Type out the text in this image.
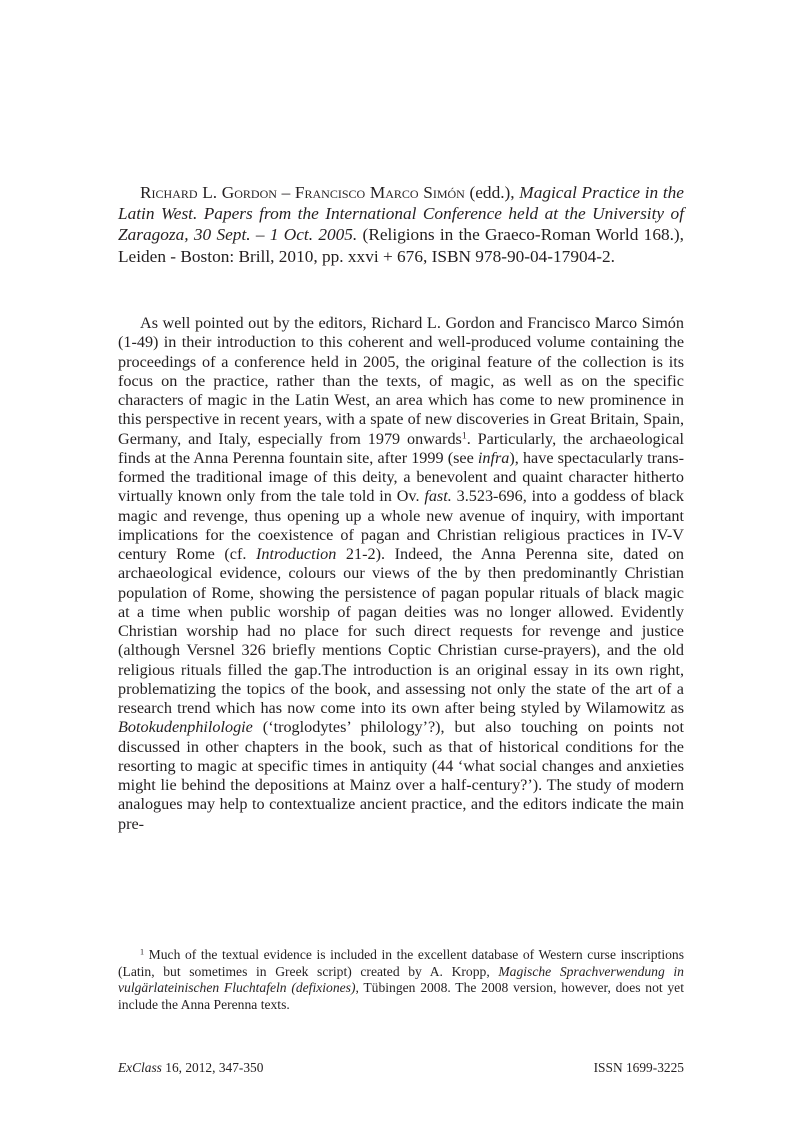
Richard L. Gordon – Francisco Marco Simón (edd.), Magical Practice in the Latin West. Papers from the International Conference held at the University of Zaragoza, 30 Sept. – 1 Oct. 2005. (Religions in the Graeco-Roman World 168.), Leiden - Boston: Brill, 2010, pp. xxvi + 676, ISBN 978-90-04-17904-2.

As well pointed out by the editors, Richard L. Gordon and Francisco Marco Simón (1-49) in their introduction to this coherent and well-produced volume containing the proceedings of a conference held in 2005, the original feature of the collection is its focus on the practice, rather than the texts, of magic, as well as on the specific characters of magic in the Latin West, an area which has come to new prominence in this perspective in recent years, with a spate of new discoveries in Great Britain, Spain, Germany, and Italy, especially from 1979 onwards$^1$. Particularly, the archaeological finds at the Anna Perenna fountain site, after 1999 (see infra), have spectacularly transformed the traditional image of this deity, a benevolent and quaint character hitherto virtually known only from the tale told in Ov. fast. 3.523-696, into a goddess of black magic and revenge, thus opening up a whole new avenue of inquiry, with important implications for the coexistence of pagan and Christian religious practices in IV-V century Rome (cf. Introduction 21-2). Indeed, the Anna Perenna site, dated on archaeological evidence, colours our views of the by then predominantly Christian population of Rome, showing the persistence of pagan popular rituals of black magic at a time when public worship of pagan deities was no longer allowed. Evidently Christian worship had no place for such direct requests for revenge and justice (although Versnel 326 briefly mentions Coptic Christian curse-prayers), and the old religious rituals filled the gap.The introduction is an original essay in its own right, problematizing the topics of the book, and assessing not only the state of the art of a research trend which has now come into its own after being styled by Wilamowitz as Botokudenphilologie (‘troglodytes’ philology’?), but also touching on points not discussed in other chapters in the book, such as that of historical conditions for the resorting to magic at specific times in antiquity (44 ‘what social changes and anxieties might lie behind the depositions at Mainz over a half-century?’). The study of modern analogues may help to contextualize ancient practice, and the editors indicate the main pre-

$^1$ Much of the textual evidence is included in the excellent database of Western curse inscriptions (Latin, but sometimes in Greek script) created by A. Kropp, Magische Sprachverwendung in vulgärlateinischen Fluchtafeln (defixiones), Tübingen 2008. The 2008 version, however, does not yet include the Anna Perenna texts.

ExClass 16, 2012, 347-350	ISSN 1699-3225
